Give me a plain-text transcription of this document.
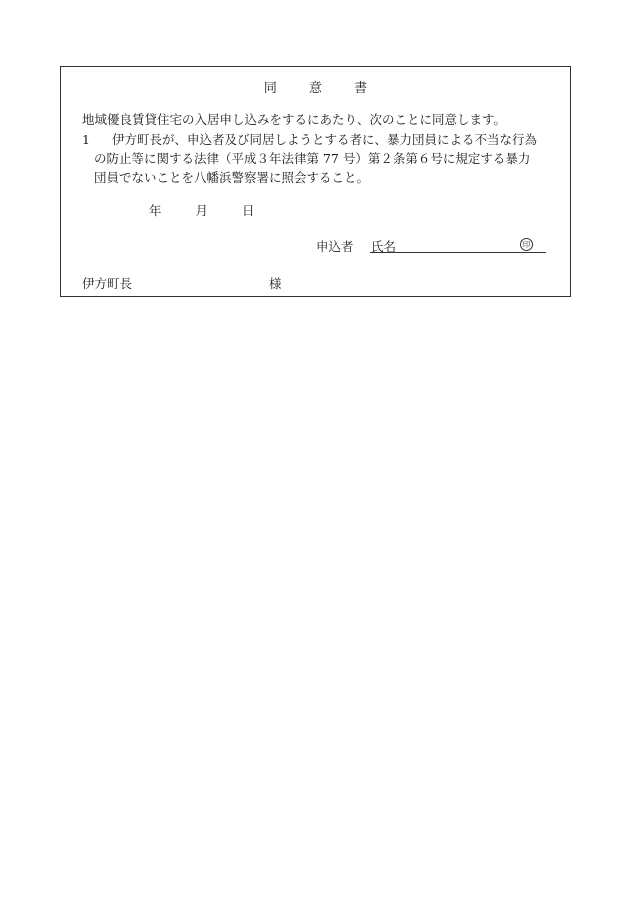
同 意 書
地域優良賃貸住宅の入居申し込みをするにあたり、次のことに同意します。
1 伊方町長が、申込者及び同居しようとする者に、暴力団員による不当な行為
の防止等に関する法律（平成３年法律第 77 号）第２条第６号に規定する暴力
団員でないことを八幡浜警察署に照会すること。
年	月	日
申込者 氏名	印
伊方町長	様
